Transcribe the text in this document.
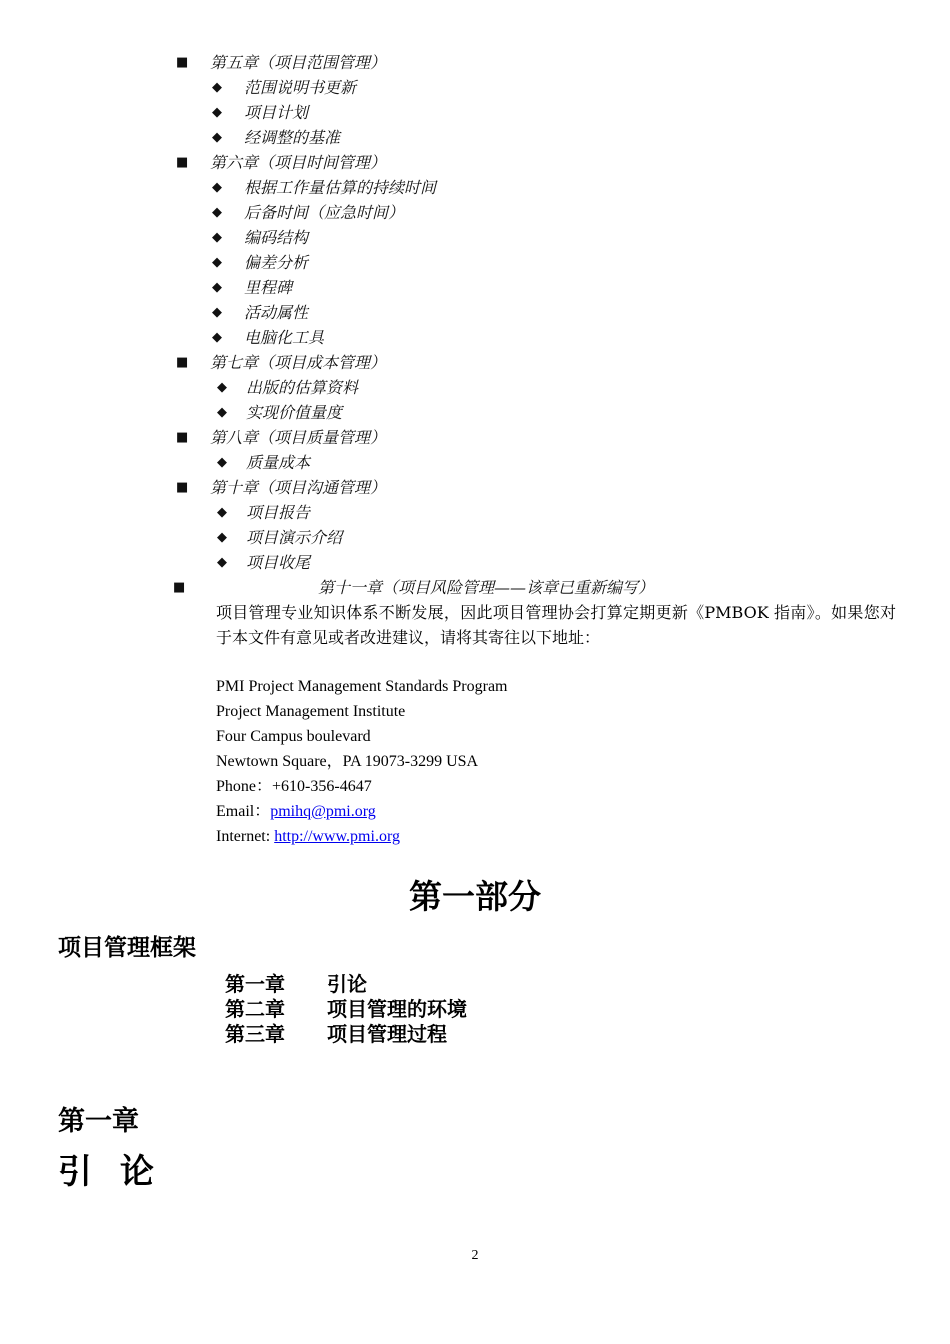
■ 第五章（项目范围管理）
◆ 范围说明书更新
◆ 项目计划
◆ 经调整的基准
■ 第六章（项目时间管理）
◆ 根据工作量估算的持续时间
◆ 后备时间（应急时间）
◆ 编码结构
◆ 偏差分析
◆ 里程碑
◆ 活动属性
◆ 电脑化工具
■ 第七章（项目成本管理）
◆ 出版的估算资料
◆ 实现价值量度
■ 第八章（项目质量管理）
◆ 质量成本
■ 第十章（项目沟通管理）
◆ 项目报告
◆ 项目演示介绍
◆ 项目收尾
■	第十一章（项目风险管理——该章已重新编写）
项目管理专业知识体系不断发展，因此项目管理协会打算定期更新《PMBOK 指南》。如果您对于本文件有意见或者改进建议，请将其寄往以下地址：
PMI Project Management Standards Program
Project Management Institute
Four Campus boulevard
Newtown Square，PA 19073-3299 USA
Phone：+610-356-4647
Email：pmihq@pmi.org
Internet: http://www.pmi.org
第一部分
项目管理框架
第一章 引论
第二章 项目管理的环境
第三章 项目管理过程
第一章
引 论
2
